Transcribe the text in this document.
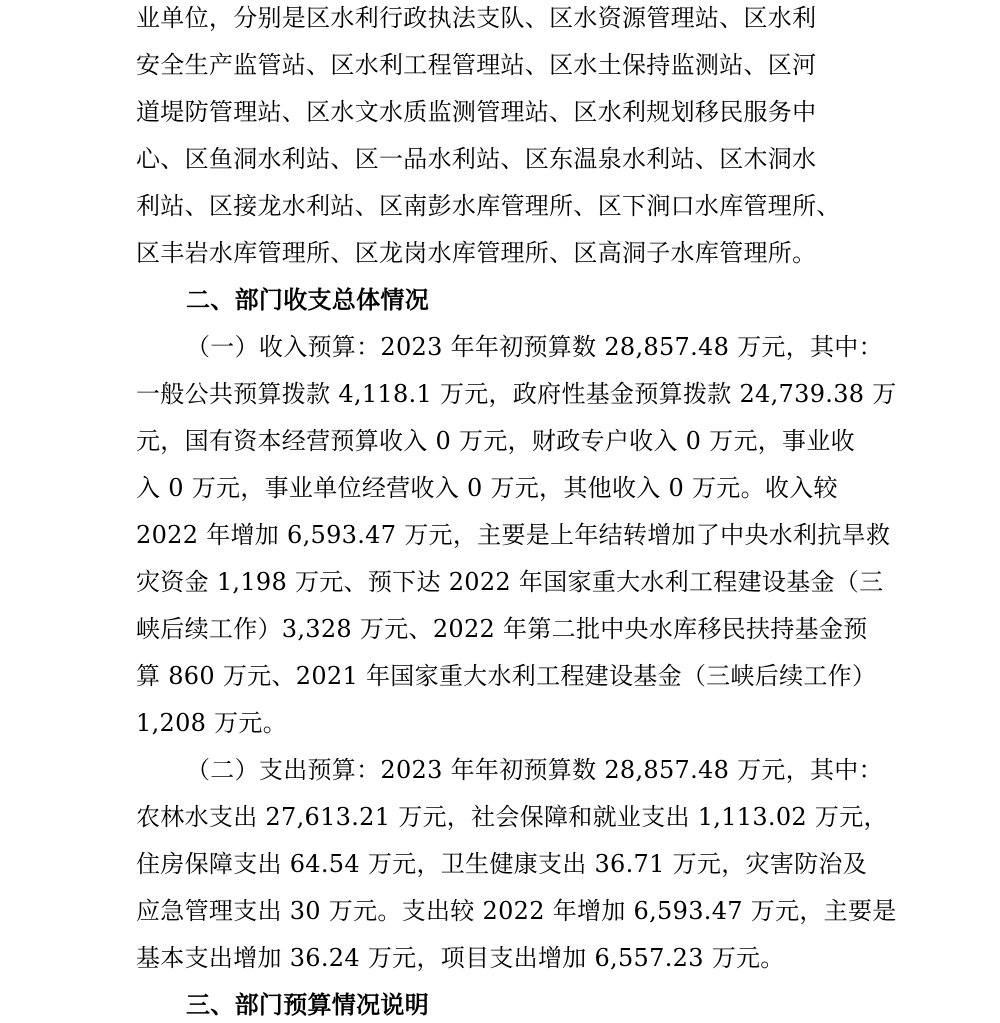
业单位，分别是区水利行政执法支队、区水资源管理站、区水利
安全生产监管站、区水利工程管理站、区水土保持监测站、区河
道堤防管理站、区水文水质监测管理站、区水利规划移民服务中
心、区鱼洞水利站、区一品水利站、区东温泉水利站、区木洞水
利站、区接龙水利站、区南彭水库管理所、区下涧口水库管理所、
区丰岩水库管理所、区龙岗水库管理所、区高洞子水库管理所。
二、部门收支总体情况
（一）收入预算：2023 年年初预算数 28,857.48 万元，其中：
一般公共预算拨款 4,118.1 万元，政府性基金预算拨款 24,739.38 万
元，国有资本经营预算收入 0 万元，财政专户收入 0 万元，事业收
入 0 万元，事业单位经营收入 0 万元，其他收入 0 万元。收入较
2022 年增加 6,593.47 万元，主要是上年结转增加了中央水利抗旱救
灾资金 1,198 万元、预下达 2022 年国家重大水利工程建设基金（三
峡后续工作）3,328 万元、2022 年第二批中央水库移民扶持基金预
算 860 万元、2021 年国家重大水利工程建设基金（三峡后续工作）
1,208 万元。
（二）支出预算：2023 年年初预算数 28,857.48 万元，其中：
农林水支出 27,613.21 万元，社会保障和就业支出 1,113.02 万元，
住房保障支出 64.54 万元，卫生健康支出 36.71 万元，灾害防治及
应急管理支出 30 万元。支出较 2022 年增加 6,593.47 万元，主要是
基本支出增加 36.24 万元，项目支出增加 6,557.23 万元。
三、部门预算情况说明
